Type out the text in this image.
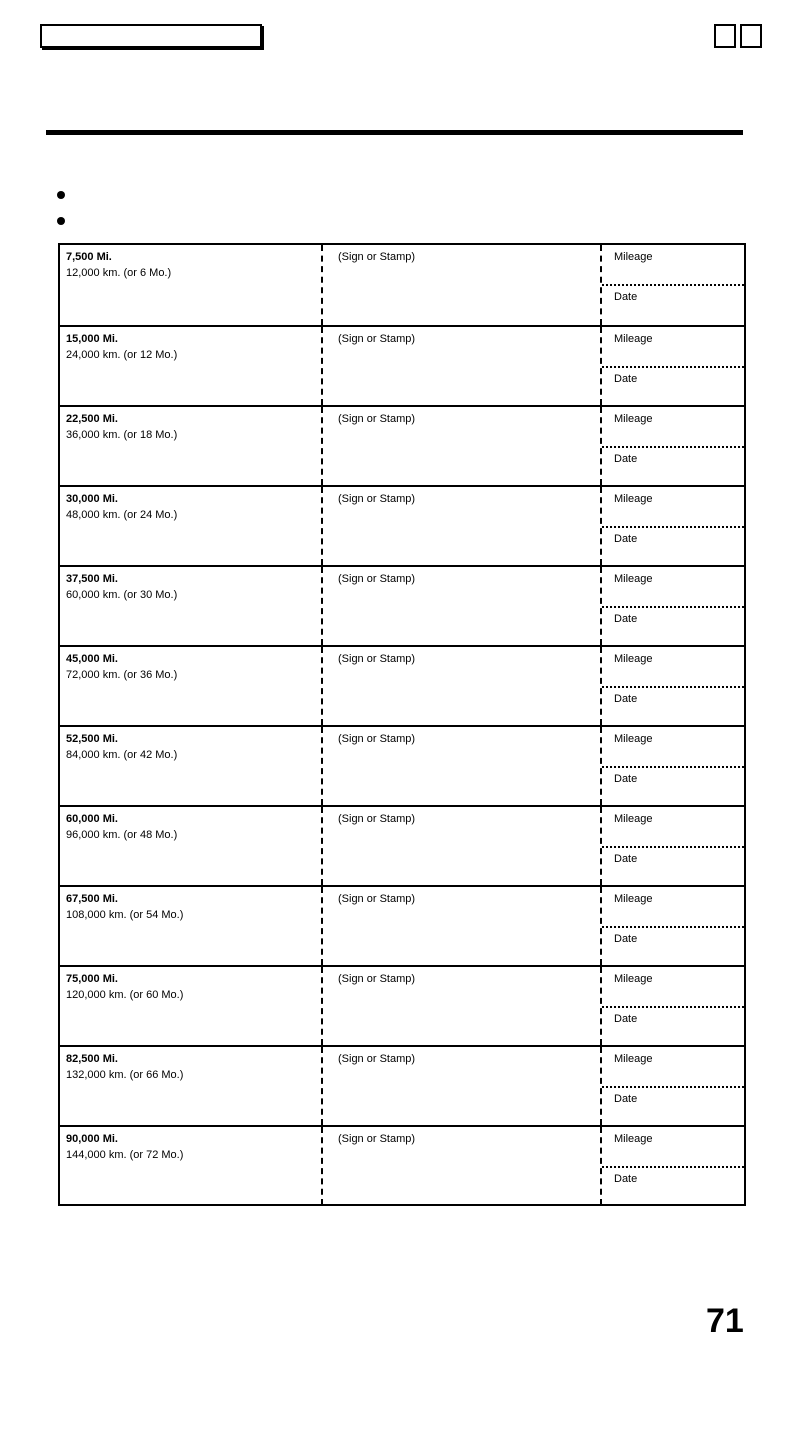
7,500 Mi.
12,000 km. (or 6 Mo.)
(Sign or Stamp)	Mileage
Date
15,000 Mi.
24,000 km. (or 12 Mo.)
(Sign or Stamp)	Mileage
Date
22,500 Mi.
36,000 km. (or 18 Mo.)
(Sign or Stamp)	Mileage
Date
30,000 Mi.
48,000 km. (or 24 Mo.)
(Sign or Stamp)	Mileage
Date
37,500 Mi.
60,000 km. (or 30 Mo.)
(Sign or Stamp)	Mileage
Date
45,000 Mi.
72,000 km. (or 36 Mo.)
(Sign or Stamp)	Mileage
Date
52,500 Mi.
84,000 km. (or 42 Mo.)
(Sign or Stamp)	Mileage
Date
60,000 Mi.
96,000 km. (or 48 Mo.)
(Sign or Stamp)	Mileage
Date
67,500 Mi.
108,000 km. (or 54 Mo.)
(Sign or Stamp)	Mileage
Date
75,000 Mi.
120,000 km. (or 60 Mo.)
(Sign or Stamp)	Mileage
Date
82,500 Mi.
132,000 km. (or 66 Mo.)
(Sign or Stamp)	Mileage
Date
90,000 Mi.
144,000 km. (or 72 Mo.)
(Sign or Stamp)	Mileage
Date
71
